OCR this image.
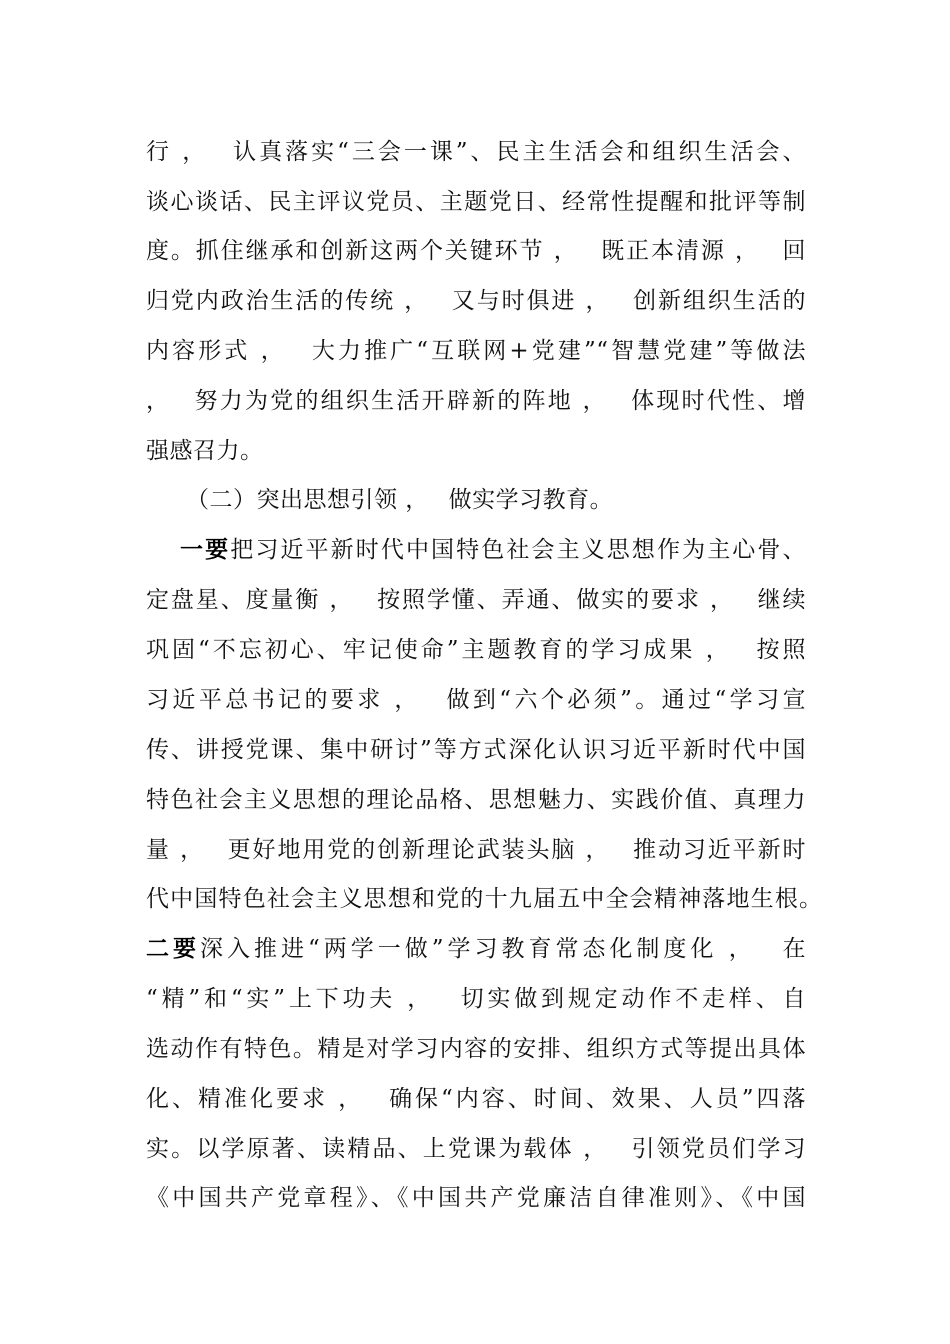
行 ，　 认真落实“三会一课”、民主生活会和组织生活会、
谈心谈话、民主评议党员、主题党日、经常性提醒和批评等制
度。抓住继承和创新这两个关键环节 ，　 既正本清源 ，　 回
归党内政治生活的传统 ，　 又与时俱进 ，　 创新组织生活的
内容形式 ，　 大力推广“互联网+党建”“智慧党建”等做法
，　 努力为党的组织生活开辟新的阵地 ，　 体现时代性、增
强感召力。
（二）突出思想引领 ，　 做实学习教育。
一要把习近平新时代中国特色社会主义思想作为主心骨、
定盘星、度量衡 ，　 按照学懂、弄通、做实的要求 ，　 继续
巩固“不忘初心、牢记使命”主题教育的学习成果 ，　 按照
习近平总书记的要求 ，　 做到“六个必须”。通过“学习宣
传、讲授党课、集中研讨”等方式深化认识习近平新时代中国
特色社会主义思想的理论品格、思想魅力、实践价值、真理力
量 ，　 更好地用党的创新理论武装头脑 ，　 推动习近平新时
代中国特色社会主义思想和党的十九届五中全会精神落地生根。
二要深入推进“两学一做”学习教育常态化制度化 ，　 在
“精”和“实”上下功夫 ，　 切实做到规定动作不走样、自
选动作有特色。精是对学习内容的安排、组织方式等提出具体
化、精准化要求 ，　 确保“内容、时间、效果、人员”四落
实。以学原著、读精品、上党课为载体 ，　 引领党员们学习
《中国共产党章程》、《中国共产党廉洁自律准则》、《中国
